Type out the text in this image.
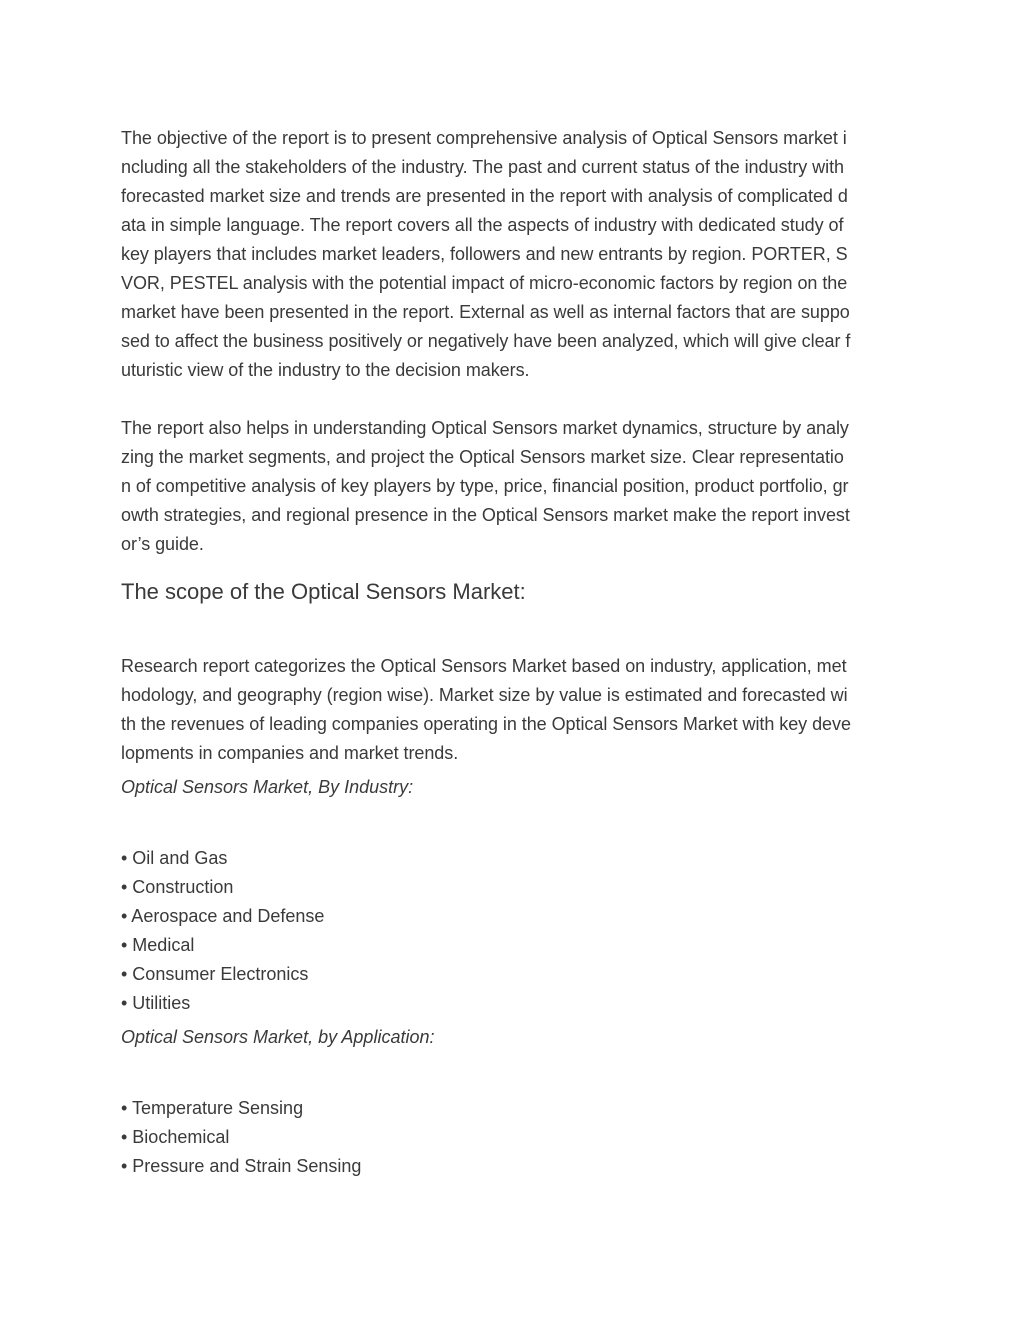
The objective of the report is to present comprehensive analysis of Optical Sensors market i
ncluding all the stakeholders of the industry. The past and current status of the industry with
forecasted market size and trends are presented in the report with analysis of complicated d
ata in simple language. The report covers all the aspects of industry with dedicated study of
key players that includes market leaders, followers and new entrants by region. PORTER, S
VOR, PESTEL analysis with the potential impact of micro-economic factors by region on the
market have been presented in the report. External as well as internal factors that are suppo
sed to affect the business positively or negatively have been analyzed, which will give clear f
uturistic view of the industry to the decision makers.

The report also helps in understanding Optical Sensors market dynamics, structure by analy
zing the market segments, and project the Optical Sensors market size. Clear representatio
n of competitive analysis of key players by type, price, financial position, product portfolio, gr
owth strategies, and regional presence in the Optical Sensors market make the report invest
or’s guide.

The scope of the Optical Sensors Market:

Research report categorizes the Optical Sensors Market based on industry, application, met
hodology, and geography (region wise). Market size by value is estimated and forecasted wi
th the revenues of leading companies operating in the Optical Sensors Market with key deve
lopments in companies and market trends.

Optical Sensors Market, By Industry:
• Oil and Gas
• Construction
• Aerospace and Defense
• Medical
• Consumer Electronics
• Utilities
Optical Sensors Market, by Application:
• Temperature Sensing
• Biochemical
• Pressure and Strain Sensing
